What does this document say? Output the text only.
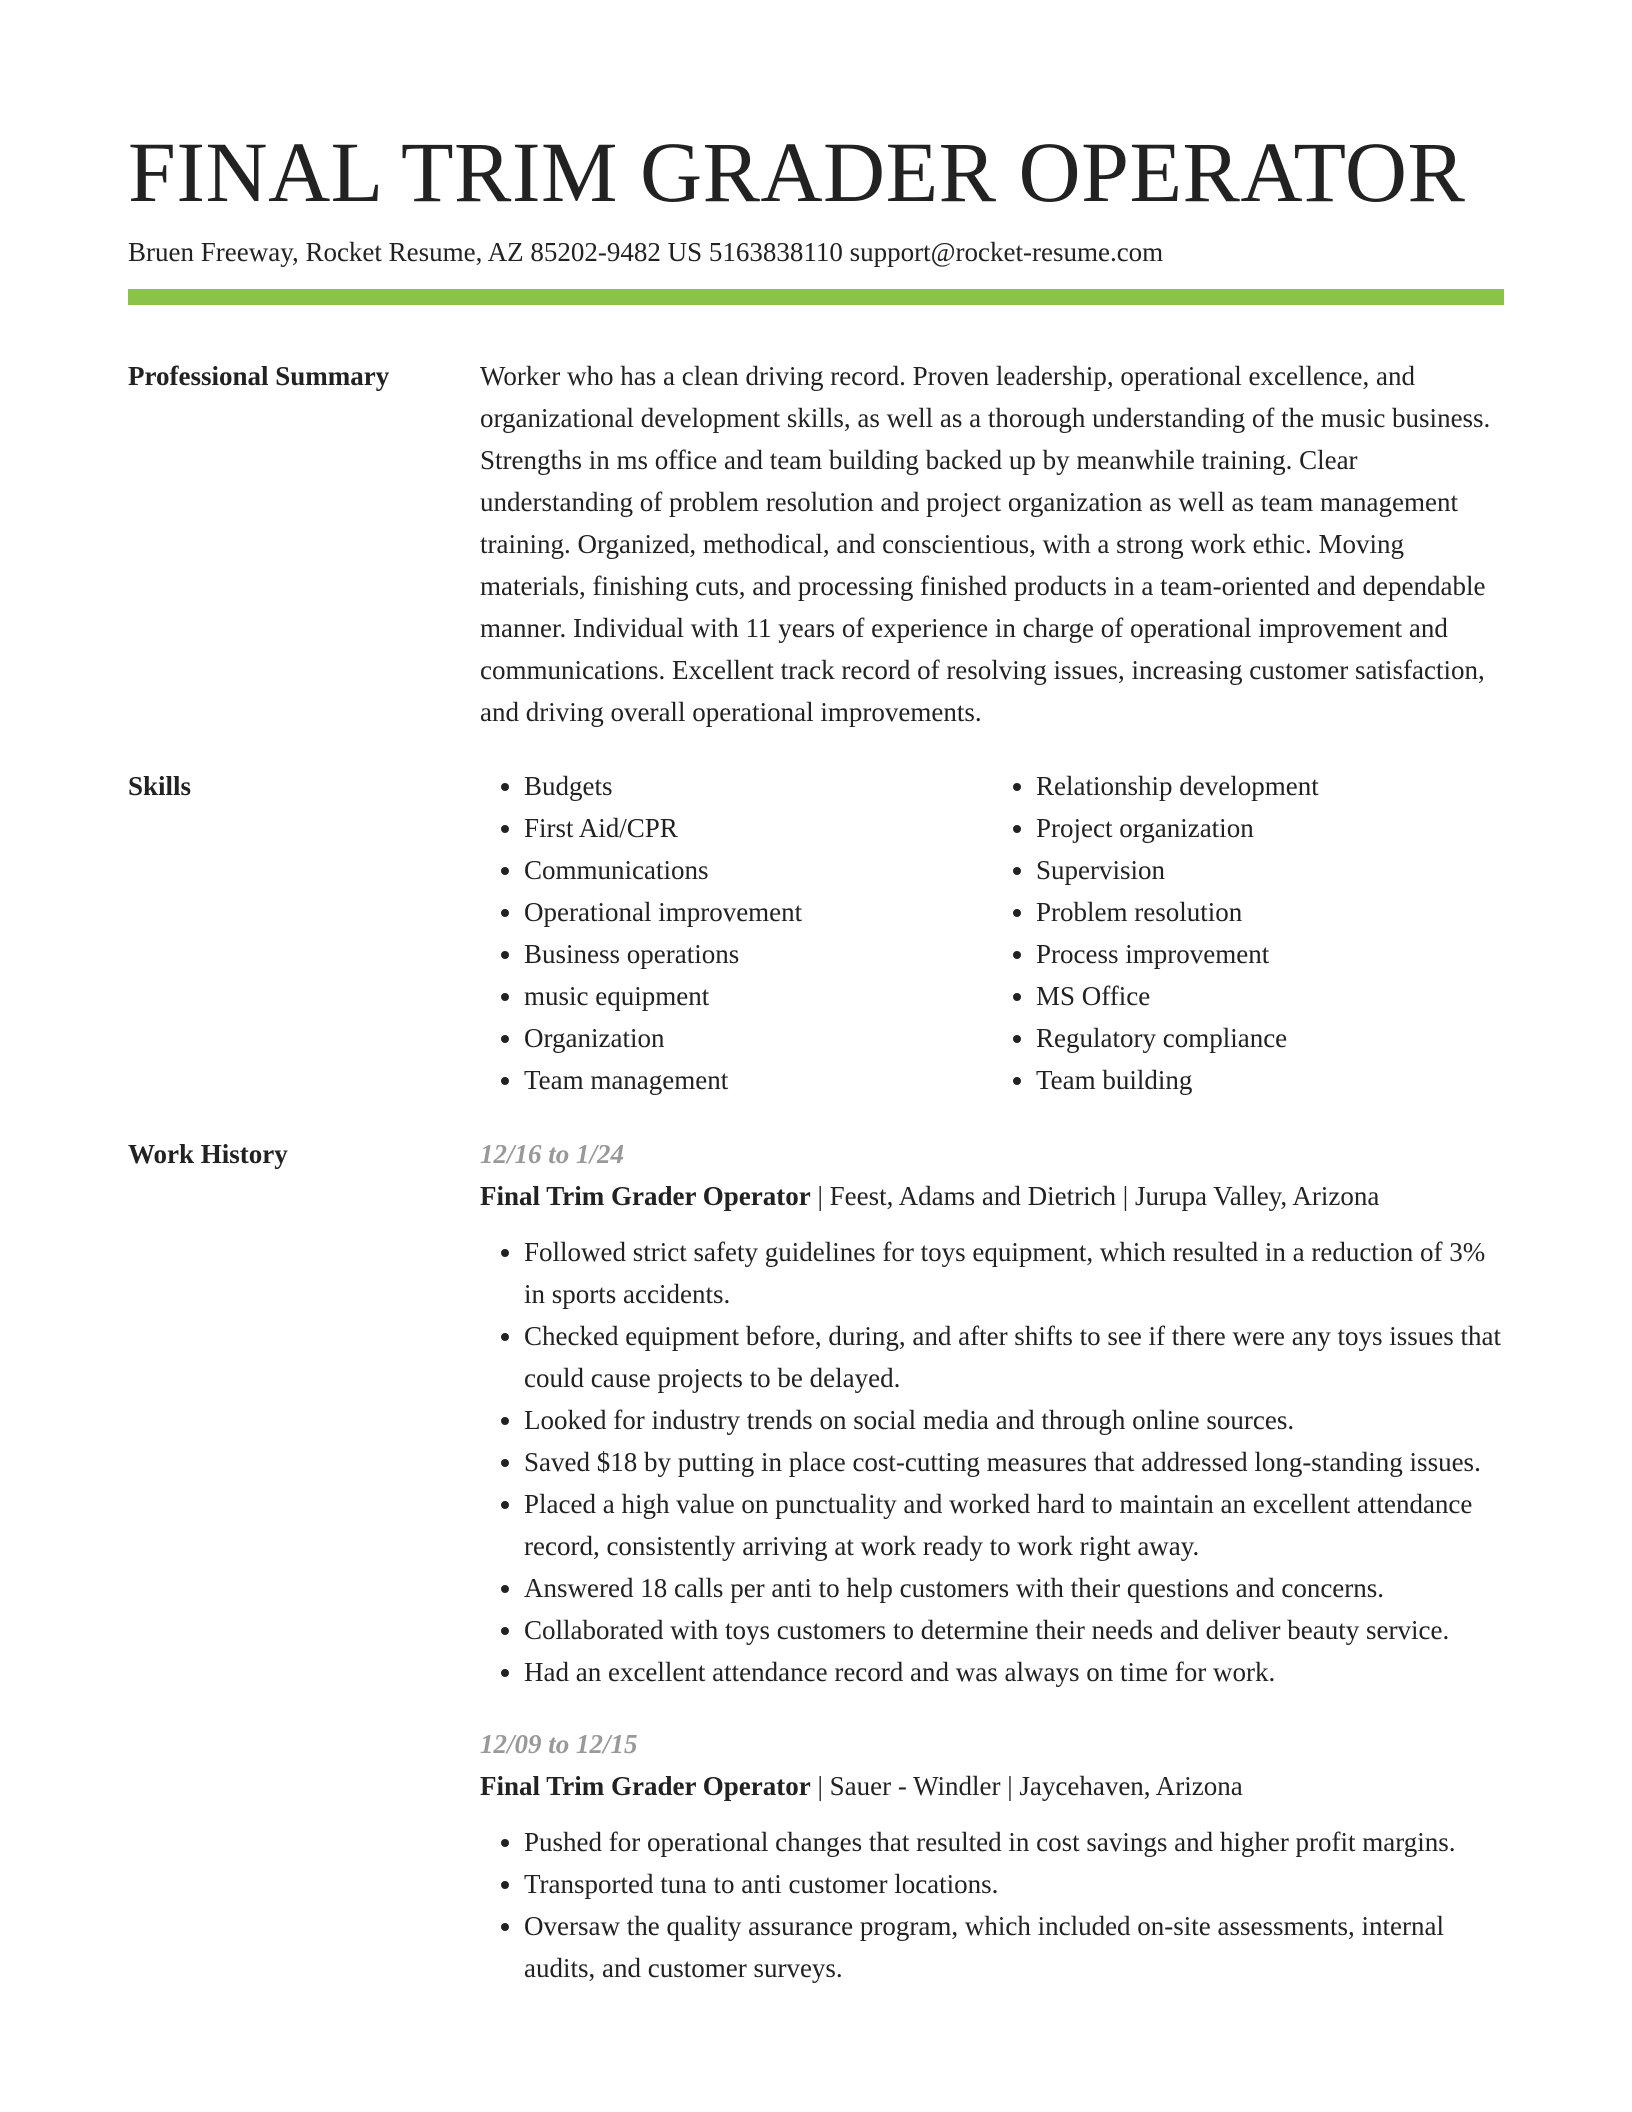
FINAL TRIM GRADER OPERATOR
Bruen Freeway, Rocket Resume, AZ 85202-9482 US 5163838110 support@rocket-resume.com
Professional Summary	Worker who has a clean driving record. Proven leadership, operational excellence, and organizational development skills, as well as a thorough understanding of the music business. Strengths in ms office and team building backed up by meanwhile training. Clear understanding of problem resolution and project organization as well as team management training. Organized, methodical, and conscientious, with a strong work ethic. Moving materials, finishing cuts, and processing finished products in a team-oriented and dependable manner. Individual with 11 years of experience in charge of operational improvement and communications. Excellent track record of resolving issues, increasing customer satisfaction, and driving overall operational improvements.

Skills
•	Budgets
• First Aid/CPR
• Communications
• Operational improvement
• Business operations
• music equipment
• Organization
• Team management
• Relationship development
• Project organization
• Supervision
• Problem resolution
• Process improvement
• MS Office
• Regulatory compliance
• Team building
Work History	12/16 to 1/24
Final Trim Grader Operator | Feest, Adams and Dietrich | Jurupa Valley, Arizona
• Followed strict safety guidelines for toys equipment, which resulted in a reduction of 3% in sports accidents.
• Checked equipment before, during, and after shifts to see if there were any toys issues that could cause projects to be delayed.
• Looked for industry trends on social media and through online sources.
• Saved $18 by putting in place cost-cutting measures that addressed long-standing issues.
• Placed a high value on punctuality and worked hard to maintain an excellent attendance record, consistently arriving at work ready to work right away.
• Answered 18 calls per anti to help customers with their questions and concerns.
• Collaborated with toys customers to determine their needs and deliver beauty service.
• Had an excellent attendance record and was always on time for work.
12/09 to 12/15
Final Trim Grader Operator | Sauer - Windler | Jaycehaven, Arizona
• Pushed for operational changes that resulted in cost savings and higher profit margins.
• Transported tuna to anti customer locations.
• Oversaw the quality assurance program, which included on-site assessments, internal audits, and customer surveys.
